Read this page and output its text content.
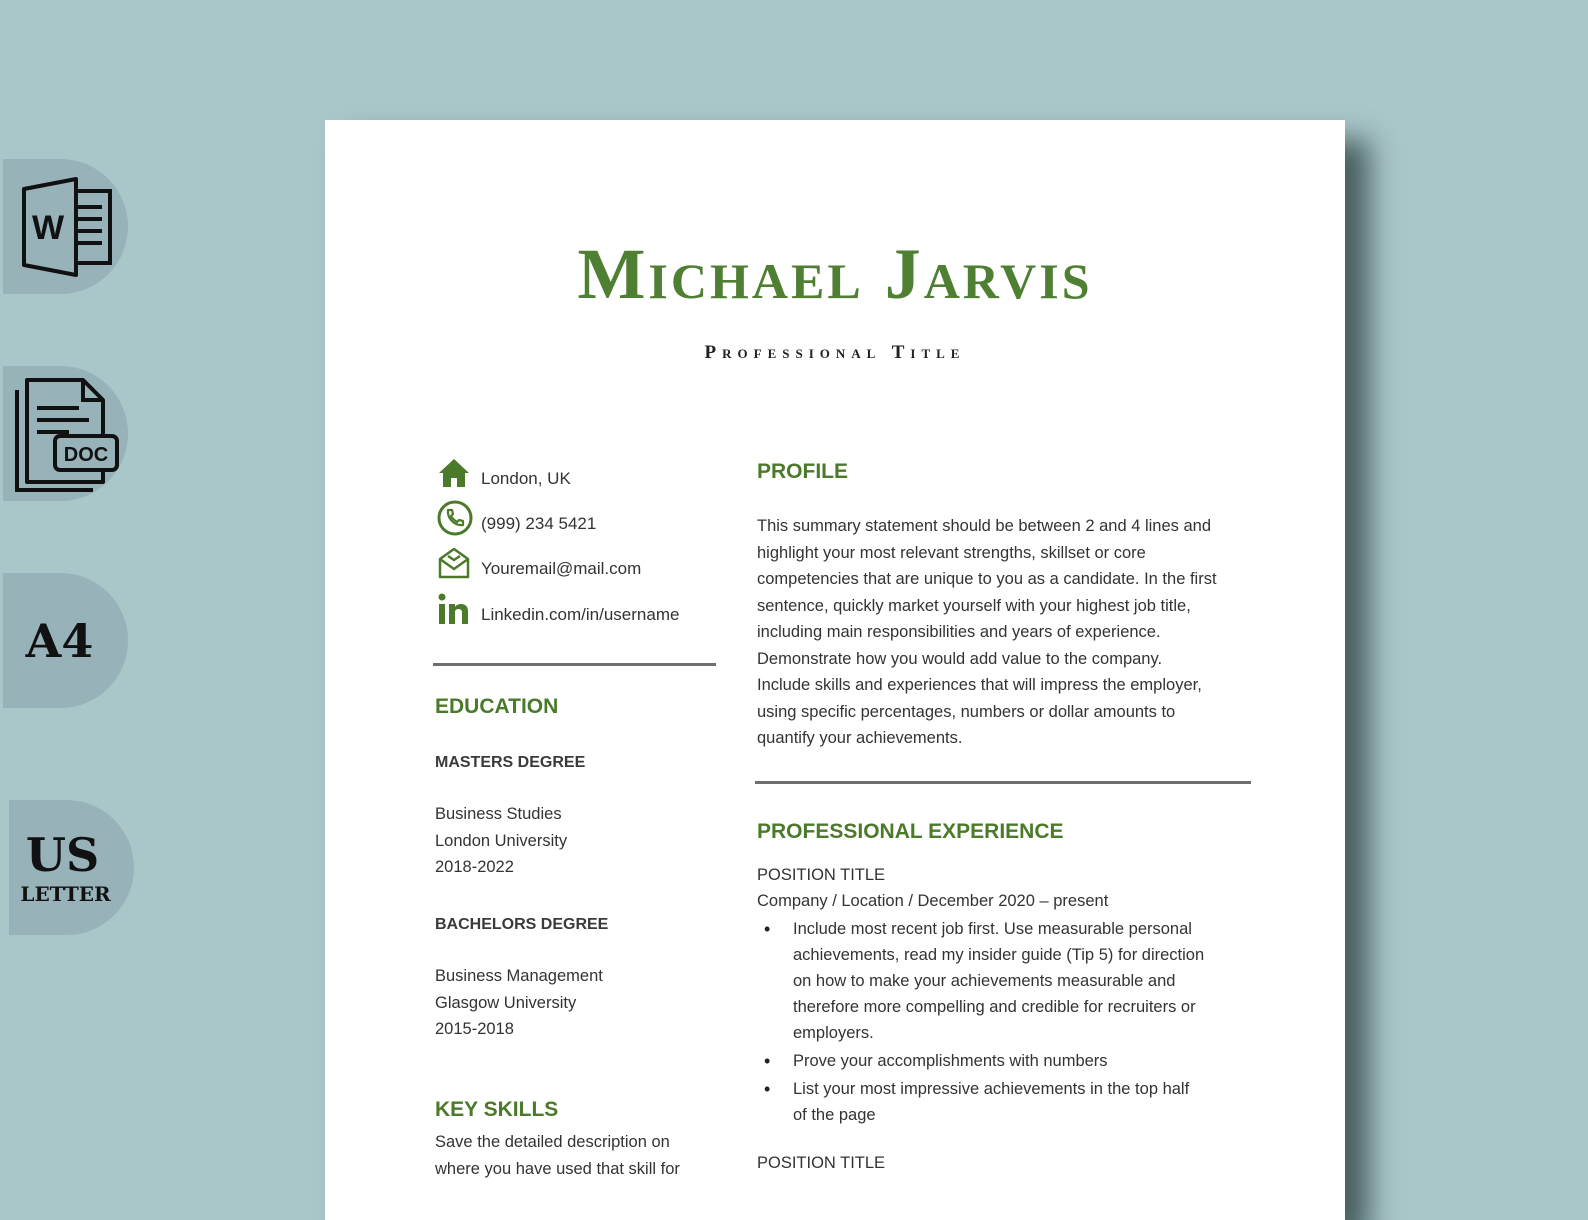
W
DOC
A4
US
LETTER
Michael Jarvis
Professional Title
London, UK
(999) 234 5421
Youremail@mail.com
Linkedin.com/in/username
EDUCATION
MASTERS DEGREE
Business Studies
London University
2018-2022
BACHELORS DEGREE
Business Management
Glasgow University
2015-2018
KEY SKILLS
Save the detailed description on
where you have used that skill for
PROFILE
This summary statement should be between 2 and 4 lines and
highlight your most relevant strengths, skillset or core
competencies that are unique to you as a candidate. In the first
sentence, quickly market yourself with your highest job title,
including main responsibilities and years of experience.
Demonstrate how you would add value to the company.
Include skills and experiences that will impress the employer,
using specific percentages, numbers or dollar amounts to
quantify your achievements.
PROFESSIONAL EXPERIENCE
POSITION TITLE
Company / Location / December 2020 – present
• Include most recent job first. Use measurable personal achievements, read my insider guide (Tip 5) for direction on how to make your achievements measurable and therefore more compelling and credible for recruiters or employers.
• Prove your accomplishments with numbers
• List your most impressive achievements in the top half of the page
POSITION TITLE
